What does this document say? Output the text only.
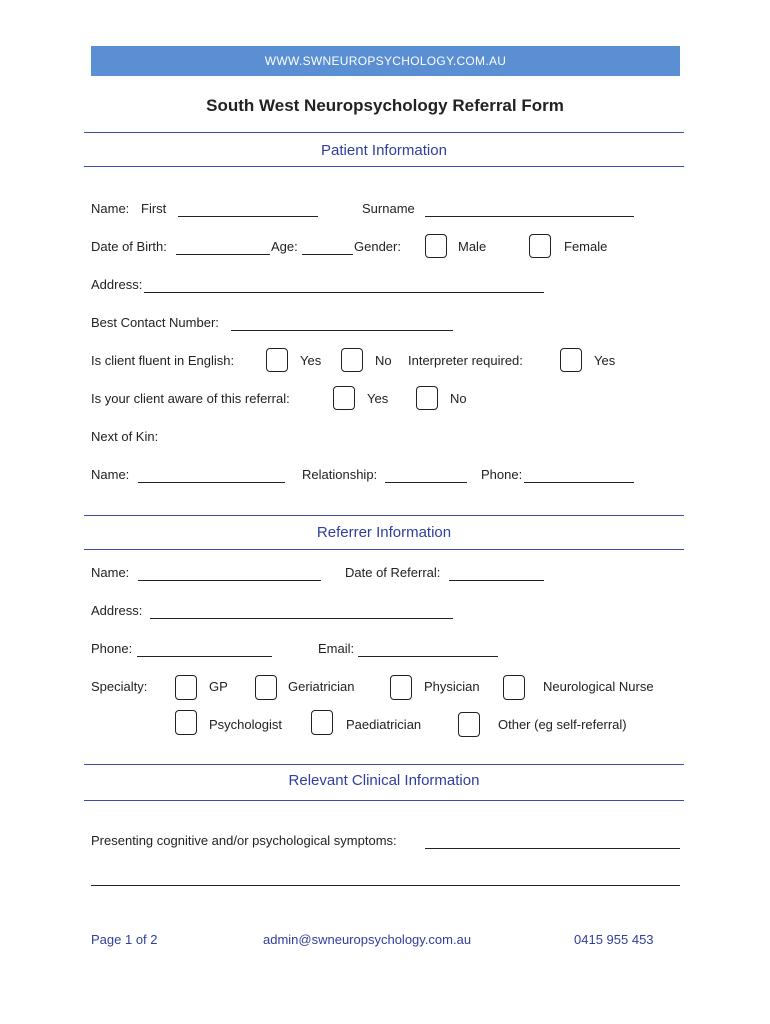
WWW.SWNEUROPSYCHOLOGY.COM.AU
South West Neuropsychology Referral Form
Patient Information
Name: First	Surname
Date of Birth:	Age:	Gender:	Male	Female
Address:
Best Contact Number:
Is client fluent in English:	Yes	No Interpreter required:	Yes
Is your client aware of this referral:	Yes	No
Next of Kin:
Name:	Relationship:	Phone:
Referrer Information
Name:	Date of Referral:
Address:
Phone:	Email:
Specialty:	GP	Geriatrician	Physician	Neurological Nurse
Psychologist	Paediatrician	Other (eg self-referral)
Relevant Clinical Information
Presenting cognitive and/or psychological symptoms:
Page 1 of 2	admin@swneuropsychology.com.au	0415 955 453
